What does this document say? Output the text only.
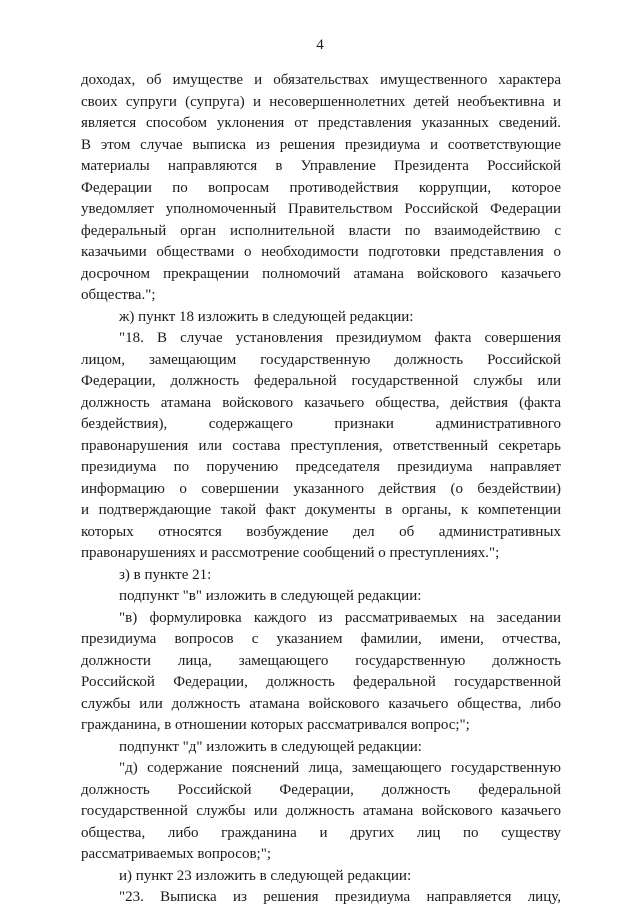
4
доходах, об имуществе и обязательствах имущественного характера
своих супруги (супруга) и несовершеннолетних детей необъективна и
является способом уклонения от представления указанных сведений.
В этом случае выписка из решения президиума и соответствующие
материалы направляются в Управление Президента Российской
Федерации по вопросам противодействия коррупции, которое
уведомляет уполномоченный Правительством Российской Федерации
федеральный орган исполнительной власти по взаимодействию с
казачьими обществами о необходимости подготовки представления о
досрочном прекращении полномочий атамана войскового казачьего
общества.";
ж) пункт 18 изложить в следующей редакции:
"18. В случае установления президиумом факта совершения
лицом, замещающим государственную должность Российской
Федерации, должность федеральной государственной службы или
должность атамана войскового казачьего общества, действия (факта
бездействия), содержащего признаки административного
правонарушения или состава преступления, ответственный секретарь
президиума по поручению председателя президиума направляет
информацию о совершении указанного действия (о бездействии)
и подтверждающие такой факт документы в органы, к компетенции
которых относятся возбуждение дел об административных
правонарушениях и рассмотрение сообщений о преступлениях.";
з) в пункте 21:
подпункт "в" изложить в следующей редакции:
"в) формулировка каждого из рассматриваемых на заседании
президиума вопросов с указанием фамилии, имени, отчества,
должности лица, замещающего государственную должность
Российской Федерации, должность федеральной государственной
службы или должность атамана войскового казачьего общества, либо
гражданина, в отношении которых рассматривался вопрос;";
подпункт "д" изложить в следующей редакции:
"д) содержание пояснений лица, замещающего государственную
должность Российской Федерации, должность федеральной
государственной службы или должность атамана войскового казачьего
общества, либо гражданина и других лиц по существу
рассматриваемых вопросов;";
и) пункт 23 изложить в следующей редакции:
"23. Выписка из решения президиума направляется лицу,
